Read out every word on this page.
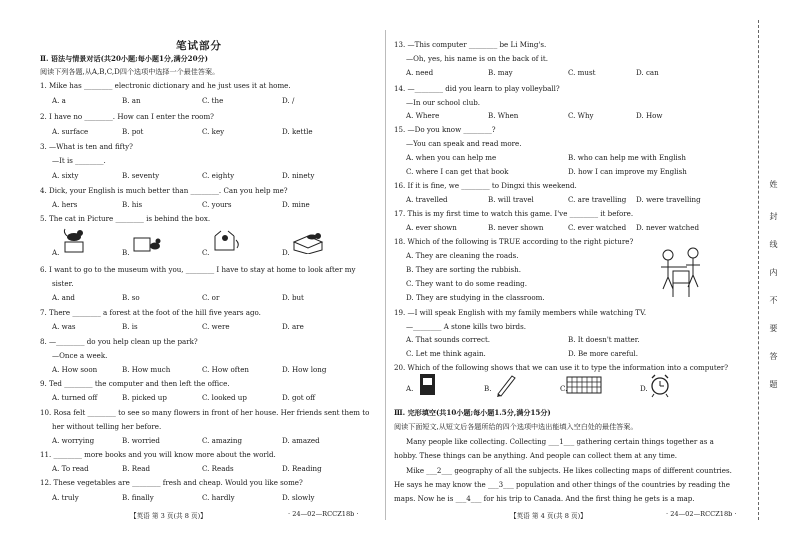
笔试部分
Ⅱ. 语法与情景对话(共20小题;每小题1分,满分20分)
阅读下列各题,从A,B,C,D四个选项中选择一个最佳答案。
1. Mike has ________ electronic dictionary and he just uses it at home.
A. a	B. an	C. the	D. /
2. I have no ________. How can I enter the room?
A. surface	B. pot	C. key	D. kettle
3. —What is ten and fifty?
—It is ________.
A. sixty	B. seventy	C. eighty	D. ninety
4. Dick, your English is much better than ________. Can you help me?
A. hers	B. his	C. yours	D. mine
5. The cat in Picture ________ is behind the box.
A.	B.	C.	D.
6. I want to go to the museum with you, ________ I have to stay at home to look after my
sister.
A. and	B. so	C. or	D. but
7. There ________ a forest at the foot of the hill five years ago.
A. was	B. is	C. were	D. are
8. —________ do you help clean up the park?
—Once a week.
A. How soon	B. How much	C. How often	D. How long
9. Ted ________ the computer and then left the office.
A. turned off	B. picked up	C. looked up	D. got off
10. Rosa felt ________ to see so many flowers in front of her house. Her friends sent them to
her without telling her before.
A. worrying	B. worried	C. amazing	D. amazed
11. ________ more books and you will know more about the world.
A. To read	B. Read	C. Reads	D. Reading
12. These vegetables are ________ fresh and cheap. Would you like some?
A. truly	B. finally	C. hardly	D. slowly
【英语 第 3 页(共 8 页)】	· 24—02—RCCZ18b ·
13. —This computer ________ be Li Ming's.
—Oh, yes, his name is on the back of it.
A. need	B. may	C. must	D. can
14. —________ did you learn to play volleyball?
—In our school club.
A. Where	B. When	C. Why	D. How
15. —Do you know ________?
—You can speak and read more.
A. when you can help me	B. who can help me with English
C. where I can get that book	D. how I can improve my English
16. If it is fine, we ________ to Dingxi this weekend.
A. travelled	B. will travel	C. are travelling D. were travelling
17. This is my first time to watch this game. I've ________ it before.
A. ever shown	B. never shown	C. ever watched D. never watched
18. Which of the following is TRUE according to the right picture?
A. They are cleaning the roads.
B. They are sorting the rubbish.
C. They want to do some reading.
D. They are studying in the classroom.
19. —I will speak English with my family members while watching TV.
—________ A stone kills two birds.
A. That sounds correct.	B. It doesn't matter.
C. Let me think again.	D. Be more careful.
20. Which of the following shows that we can use it to type the information into a computer?
A.	B.	C.	D.
Ⅲ. 完形填空(共10小题;每小题1.5分,满分15分)
阅读下面短文,从短文后各题所给的四个选项中选出能填入空白处的最佳答案。
Many people like collecting. Collecting ___1___ gathering certain things together as a
hobby. These things can be anything. And people can collect them at any time.
Mike ___2___ geography of all the subjects. He likes collecting maps of different countries.
He says he may know the ___3___ population and other things of the countries by reading the
maps. Now he is ___4___ for his trip to Canada. And the first thing he gets is a map.
【英语 第 4 页(共 8 页)】	· 24—02—RCCZ18b ·
姓
封
线
内
不
要
答
题
